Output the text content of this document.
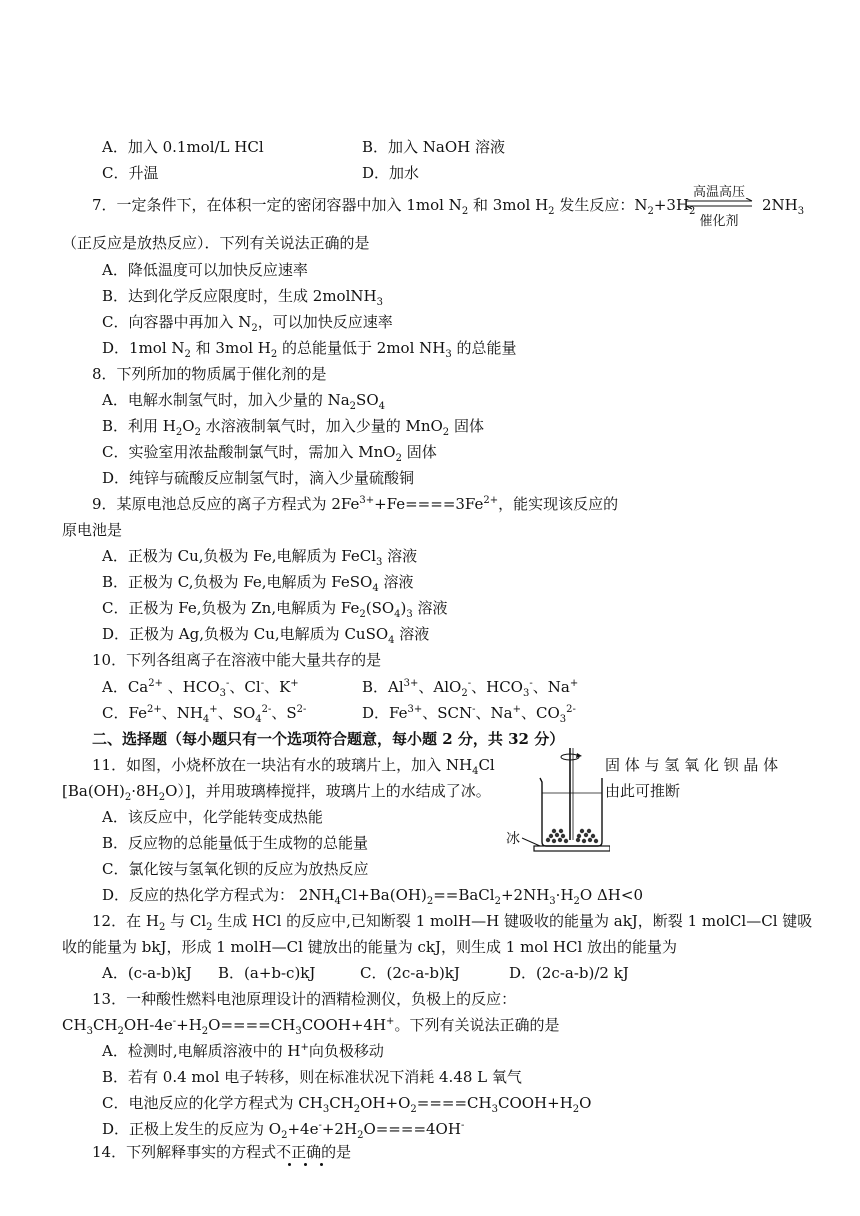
A．加入 0.1mol/L HCl	B．加入 NaOH 溶液
C．升温	D．加水
7．一定条件下，在体积一定的密闭容器中加入 1mol $N_2$ 和 3mol $H_2$ 发生反应：$N_2+3H_2$
高温高压
催化剂
$2NH_3$
（正反应是放热反应）．下列有关说法正确的是
A．降低温度可以加快反应速率
B．达到化学反应限度时，生成 2molNH$_3$
C．向容器中再加入 $N_2$，可以加快反应速率
D．1mol $N_2$ 和 3mol $H_2$ 的总能量低于 2mol $NH_3$ 的总能量
8．下列所加的物质属于催化剂的是
A．电解水制氢气时，加入少量的 $Na_2SO_4$
B．利用 $H_2O_2$ 水溶液制氧气时，加入少量的 MnO$_2$ 固体
C．实验室用浓盐酸制氯气时，需加入 MnO$_2$ 固体
D．纯锌与硫酸反应制氢气时，滴入少量硫酸铜
9．某原电池总反应的离子方程式为 $2Fe^{3+}+Fe====3Fe^{2+}$，能实现该反应的
原电池是
A．正极为 Cu,负极为 Fe,电解质为 FeCl$_3$ 溶液
B．正极为 C,负极为 Fe,电解质为 FeSO$_4$ 溶液
C．正极为 Fe,负极为 Zn,电解质为 $Fe_2(SO_4)_3$ 溶液
D．正极为 Ag,负极为 Cu,电解质为 CuSO$_4$ 溶液
10．下列各组离子在溶液中能大量共存的是
A．$Ca^{2+}$ 、$HCO_3^-$、Cl-、K+	B．$Al^{3+}$、AlO$_2$-、$HCO_3^-$、Na+
C．$Fe^{2+}$、$NH_4^+$、$SO_4^{2-}$、$S^{2-}$	D．$Fe^{3+}$、SCN-、Na+、$CO_3^{2-}$
二、选择题（每小题只有一个选项符合题意，每小题 2 分，共 32 分）
11．如图，小烧杯放在一块沾有水的玻璃片上，加入 $NH_4Cl$	固 体 与 氢 氧 化 钡 晶 体
$[Ba(OH)_2\cdot 8H_2O)$]，并用玻璃棒搅拌，玻璃片上的水结成了冰。	由此可推断
冰
A．该反应中，化学能转变成热能
B．反应物的总能量低于生成物的总能量
C．氯化铵与氢氧化钡的反应为放热反应
D．反应的热化学方程式为： $2NH_4Cl+Ba(OH)_2==BaCl_2+2NH_3\cdot H_2O$ ΔH<0
12．在 $H_2$ 与 $Cl_2$ 生成 HCl 的反应中,已知断裂 1 molH—H 键吸收的能量为 akJ，断裂 1 molCl—Cl 键吸
收的能量为 bkJ，形成 1 molH—Cl 键放出的能量为 ckJ，则生成 1 mol HCl 放出的能量为
A．(c-a-b)kJ B．(a+b-c)kJ	C．(2c-a-b)kJ	D．(2c-a-b)/2 kJ
13．一种酸性燃料电池原理设计的酒精检测仪，负极上的反应：
$CH_3CH_2OH-4e^-+H_2O====CH_3COOH+4H^+$。下列有关说法正确的是
A．检测时,电解质溶液中的 H+向负极移动
B．若有 0.4 mol 电子转移，则在标准状况下消耗 4.48 L 氧气
C．电池反应的化学方程式为 $CH_3CH_2OH+O_2====CH_3COOH+H_2O$
D．正极上发生的反应为 $O_2+4e^-+2H_2O====4OH^-$
14．下列解释事实的方程式不正确的是
